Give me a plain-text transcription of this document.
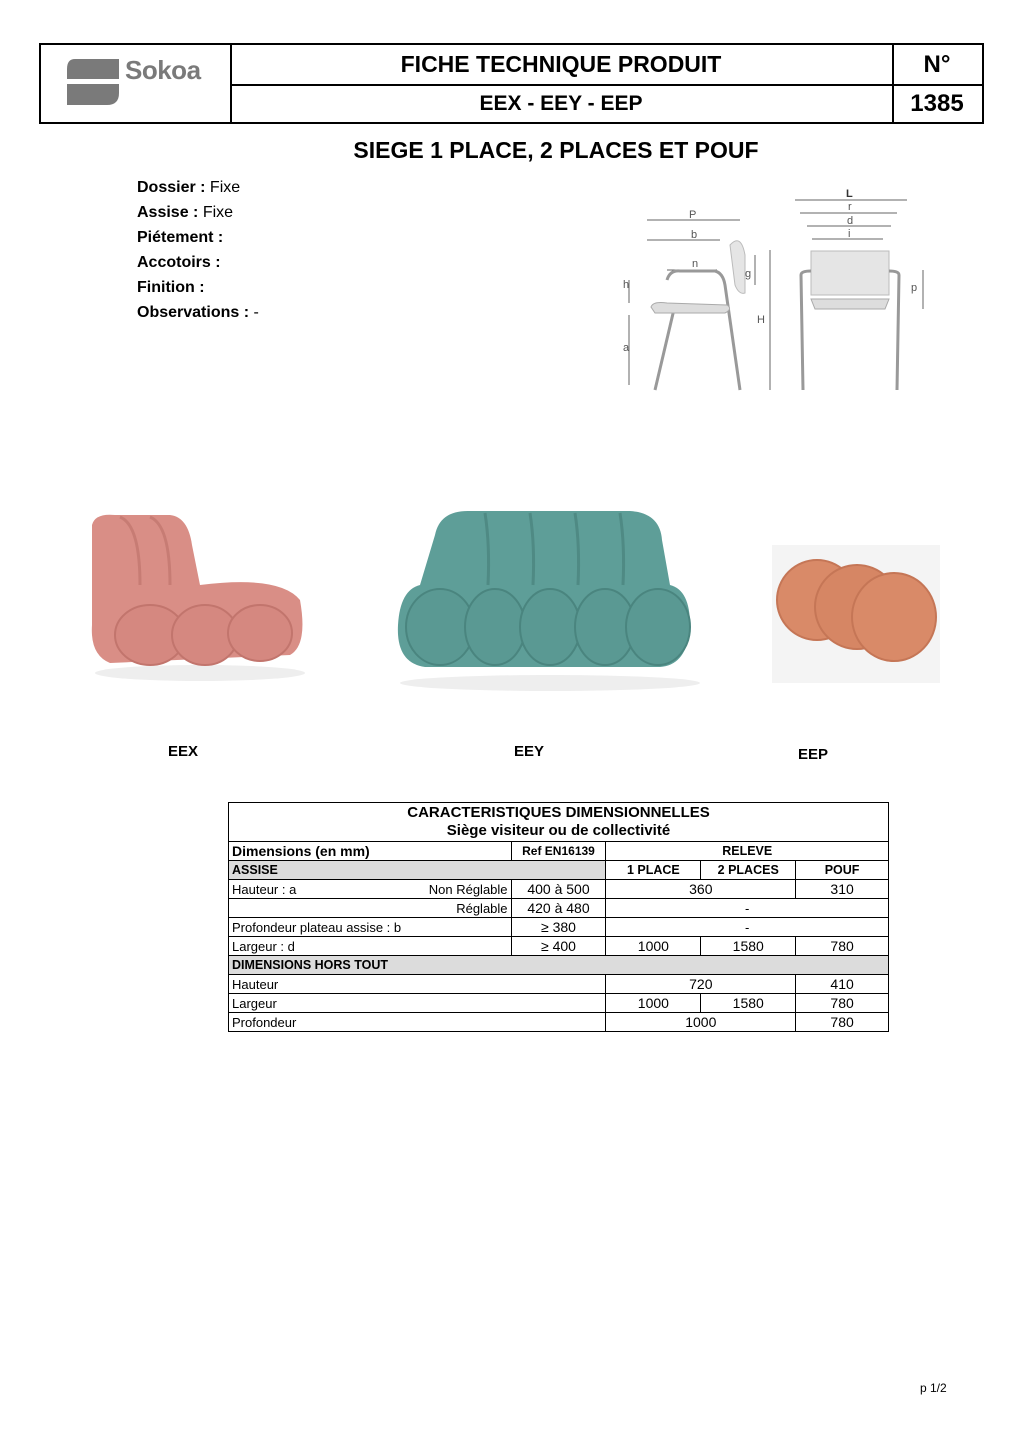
Sokoa	FICHE TECHNIQUE PRODUIT
EEX - EEY - EEP
N°
1385
SIEGE 1 PLACE, 2 PLACES ET POUF
Dossier : Fixe
Assise : Fixe
Piétement :
Accotoirs :
Finition :
Observations : -
P
b
n
g
h
a
H
L
r
d
i
p
EEX	EEY	EEP
CARACTERISTIQUES DIMENSIONNELLES
Siège visiteur ou de collectivité				

Dimensions (en mm)	Ref EN16139	RELEVE		
ASSISE		1 PLACE	2 PLACES	POUF
Hauteur : a Non Réglable	400 à 500	360		310
Réglable	420 à 480	-		
Profondeur plateau assise : b	≥ 380	-		
Largeur : d	≥ 400	1000	1580	780
DIMENSIONS HORS TOUT				
Hauteur		720		410
Largeur		1000	1580	780
Profondeur		1000		780
p 1/2
